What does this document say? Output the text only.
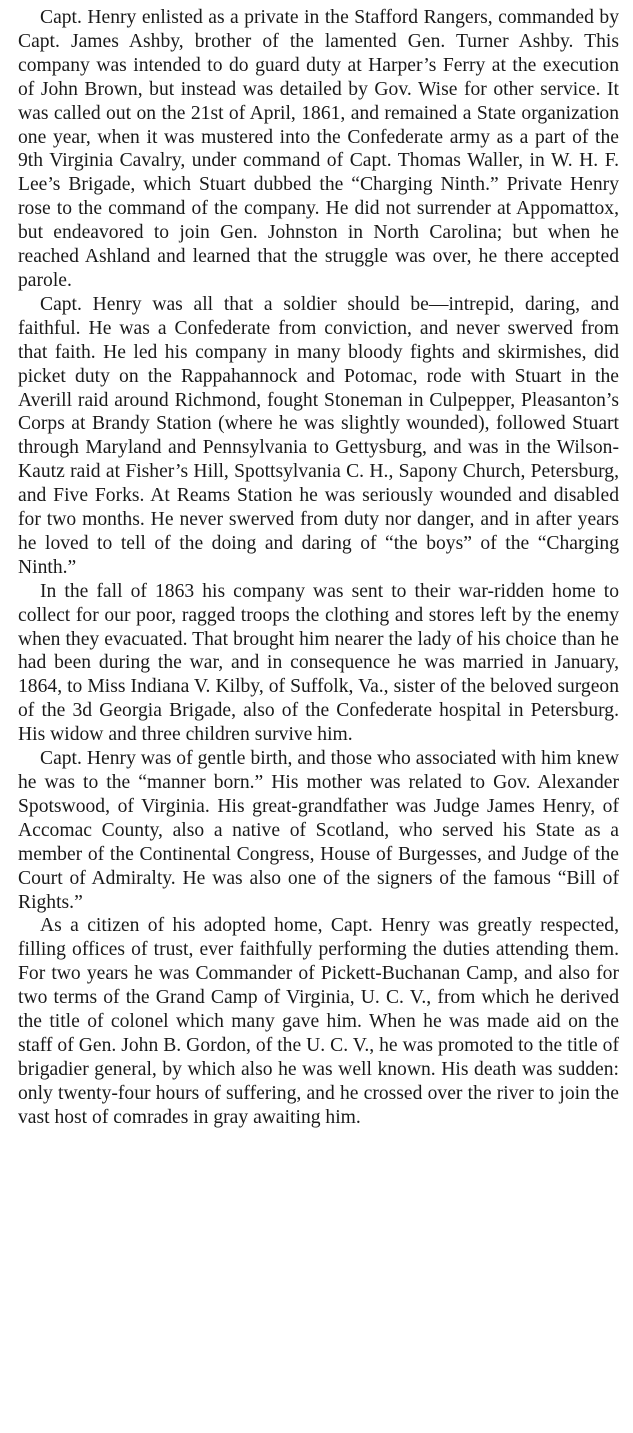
Capt. Henry enlisted as a private in the Stafford Rangers, commanded by Capt. James Ashby, brother of the lamented Gen. Turner Ashby. This company was intended to do guard duty at Harper’s Ferry at the execution of John Brown, but instead was detailed by Gov. Wise for other service. It was called out on the 21st of April, 1861, and remained a State organization one year, when it was mustered into the Confederate army as a part of the 9th Virginia Cavalry, under command of Capt. Thomas Waller, in W. H. F. Lee’s Brigade, which Stuart dubbed the “Charging Ninth.” Private Henry rose to the command of the company. He did not surrender at Appomattox, but endeavored to join Gen. Johnston in North Carolina; but when he reached Ashland and learned that the struggle was over, he there accepted parole.

Capt. Henry was all that a soldier should be—intrepid, daring, and faithful. He was a Confederate from conviction, and never swerved from that faith. He led his company in many bloody fights and skirmishes, did picket duty on the Rappahannock and Potomac, rode with Stuart in the Averill raid around Richmond, fought Stoneman in Culpepper, Pleasanton’s Corps at Brandy Station (where he was slightly wounded), followed Stuart through Maryland and Pennsylvania to Gettysburg, and was in the Wilson-Kautz raid at Fisher’s Hill, Spottsylvania C. H., Sapony Church, Petersburg, and Five Forks. At Reams Station he was seriously wounded and disabled for two months. He never swerved from duty nor danger, and in after years he loved to tell of the doing and daring of “the boys” of the “Charging Ninth.”

In the fall of 1863 his company was sent to their war-ridden home to collect for our poor, ragged troops the clothing and stores left by the enemy when they evacuated. That brought him nearer the lady of his choice than he had been during the war, and in consequence he was married in January, 1864, to Miss Indiana V. Kilby, of Suffolk, Va., sister of the beloved surgeon of the 3d Georgia Brigade, also of the Confederate hospital in Petersburg. His widow and three children survive him.

Capt. Henry was of gentle birth, and those who associated with him knew he was to the “manner born.” His mother was related to Gov. Alexander Spotswood, of Virginia. His great-grandfather was Judge James Henry, of Accomac County, also a native of Scotland, who served his State as a member of the Continental Congress, House of Burgesses, and Judge of the Court of Admiralty. He was also one of the signers of the famous “Bill of Rights.”

As a citizen of his adopted home, Capt. Henry was greatly respected, filling offices of trust, ever faithfully performing the duties attending them. For two years he was Commander of Pickett-Buchanan Camp, and also for two terms of the Grand Camp of Virginia, U. C. V., from which he derived the title of colonel which many gave him. When he was made aid on the staff of Gen. John B. Gordon, of the U. C. V., he was promoted to the title of brigadier general, by which also he was well known. His death was sudden: only twenty-four hours of suffering, and he crossed over the river to join the vast host of comrades in gray awaiting him.
